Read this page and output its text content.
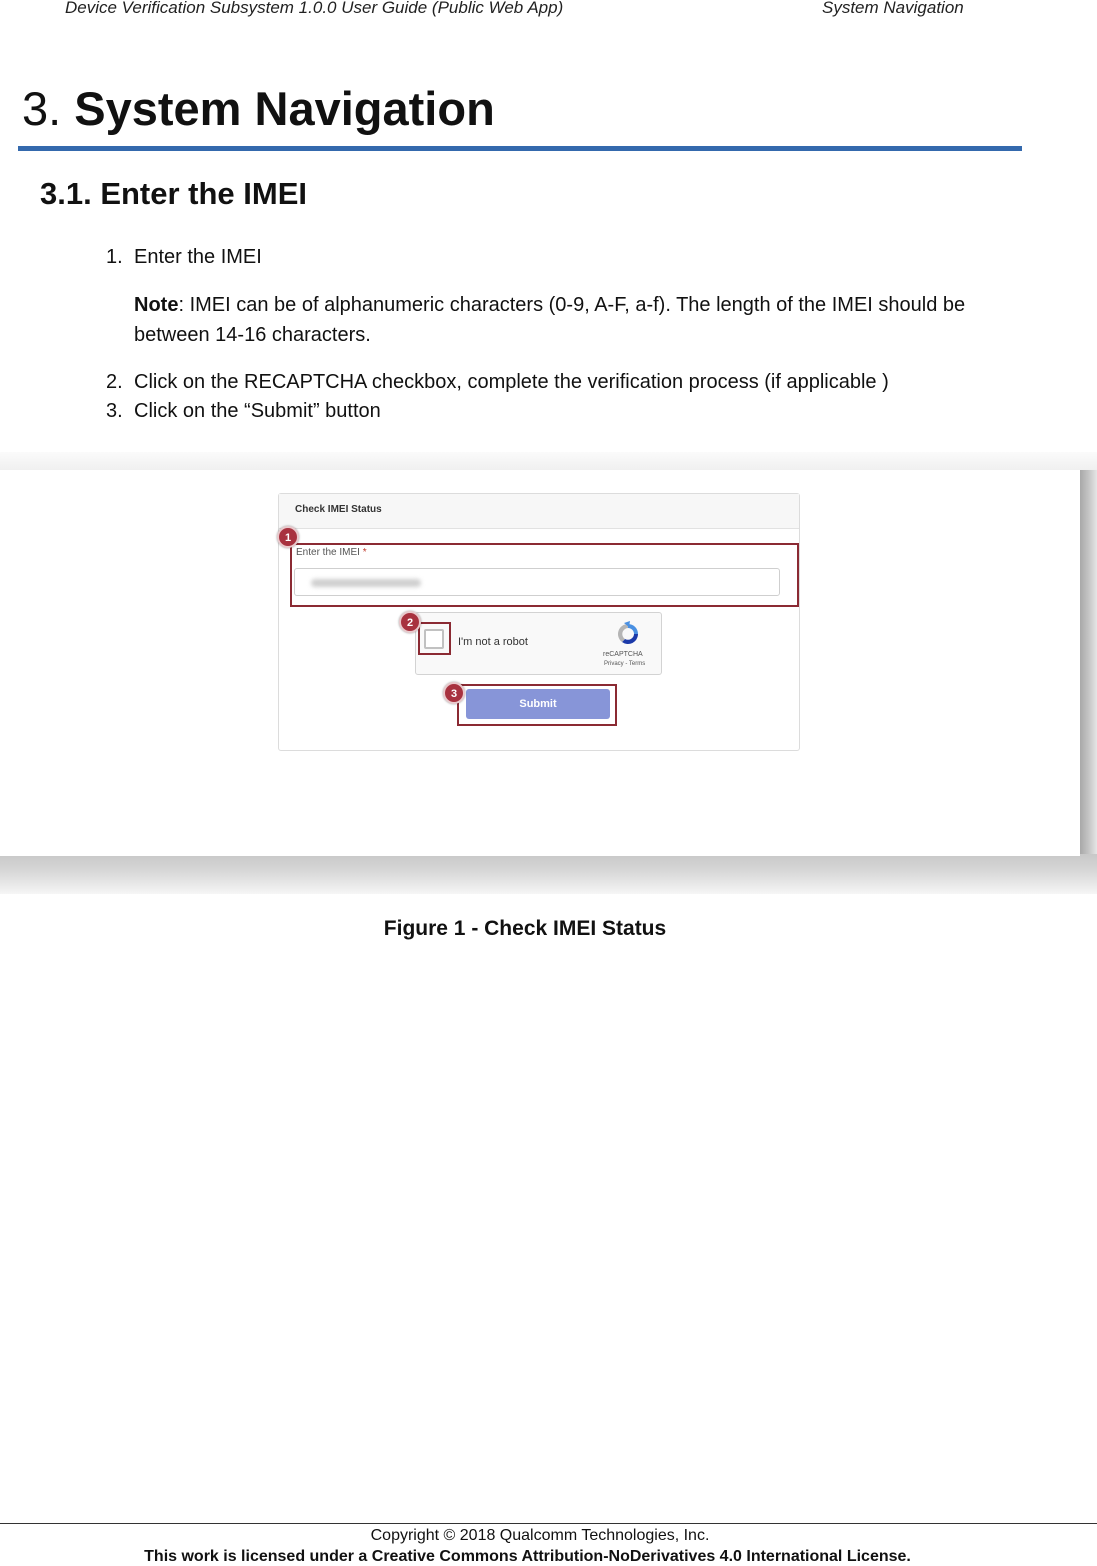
Device Verification Subsystem 1.0.0 User Guide (Public Web App)	System Navigation
3. System Navigation
3.1. Enter the IMEI
1. Enter the IMEI
Note: IMEI can be of alphanumeric characters (0-9, A-F, a-f). The length of the IMEI should be between 14-16 characters.
2. Click on the RECAPTCHA checkbox, complete the verification process (if applicable )
3. Click on the “Submit” button
Check IMEI Status
Enter the IMEI *
I'm not a robot
reCAPTCHA
Privacy - Terms
Submit
1
2
3
Figure 1 - Check IMEI Status
Copyright © 2018 Qualcomm Technologies, Inc.
This work is licensed under a Creative Commons Attribution-NoDerivatives 4.0 International License.
